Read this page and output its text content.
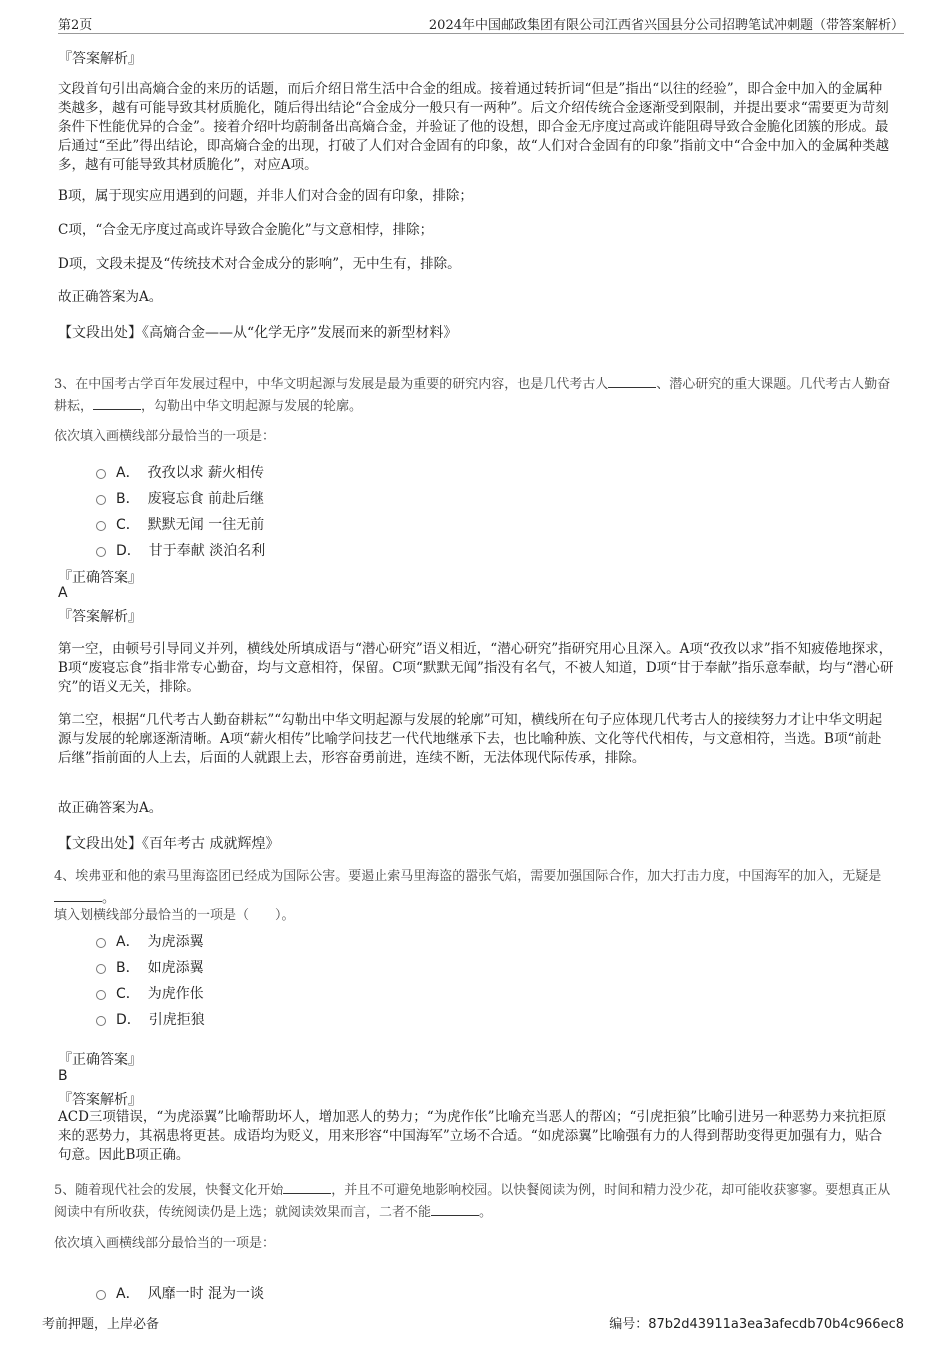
第2页	2024年中国邮政集团有限公司江西省兴国县分公司招聘笔试冲刺题（带答案解析）
『答案解析』
文段首句引出高熵合金的来历的话题，而后介绍日常生活中合金的组成。接着通过转折词“但是”指出“以往的经验”，即合金中加入的金属种类越多，越有可能导致其材质脆化，随后得出结论“合金成分一般只有一两种”。后文介绍传统合金逐渐受到限制，并提出要求“需要更为苛刻条件下性能优异的合金”。接着介绍叶均蔚制备出高熵合金，并验证了他的设想，即合金无序度过高或许能阻碍导致合金脆化团簇的形成。最后通过“至此”得出结论，即高熵合金的出现，打破了人们对合金固有的印象，故“人们对合金固有的印象”指前文中“合金中加入的金属种类越多，越有可能导致其材质脆化”，对应A项。
B项，属于现实应用遇到的问题，并非人们对合金的固有印象，排除；
C项，“合金无序度过高或许导致合金脆化”与文意相悖，排除；
D项，文段未提及“传统技术对合金成分的影响”，无中生有，排除。
故正确答案为A。
【文段出处】《高熵合金——从“化学无序”发展而来的新型材料》
3、在中国考古学百年发展过程中，中华文明起源与发展是最为重要的研究内容，也是几代考古人	、潜心研究的重大课题。几代考古人勤奋耕耘，	，勾勒出中华文明起源与发展的轮廓。
依次填入画横线部分最恰当的一项是：
A． 孜孜以求 薪火相传
B． 废寝忘食 前赴后继
C． 默默无闻 一往无前
D． 甘于奉献 淡泊名利
『正确答案』
A
『答案解析』
第一空，由顿号引导同义并列，横线处所填成语与“潜心研究”语义相近，“潜心研究”指研究用心且深入。A项“孜孜以求”指不知疲倦地探求，B项“废寝忘食”指非常专心勤奋，均与文意相符，保留。C项“默默无闻”指没有名气，不被人知道，D项“甘于奉献”指乐意奉献，均与“潜心研究”的语义无关，排除。
第二空，根据“几代考古人勤奋耕耘”“勾勒出中华文明起源与发展的轮廓”可知，横线所在句子应体现几代考古人的接续努力才让中华文明起源与发展的轮廓逐渐清晰。A项“薪火相传”比喻学问技艺一代代地继承下去，也比喻种族、文化等代代相传，与文意相符，当选。B项“前赴后继”指前面的人上去，后面的人就跟上去，形容奋勇前进，连续不断，无法体现代际传承，排除。
故正确答案为A。
【文段出处】《百年考古 成就辉煌》
4、埃弗亚和他的索马里海盗团已经成为国际公害。要遏止索马里海盗的嚣张气焰，需要加强国际合作，加大打击力度，中国海军的加入，无疑是。
填入划横线部分最恰当的一项是（　　）。
A． 为虎添翼
B． 如虎添翼
C． 为虎作伥
D． 引虎拒狼
『正确答案』
B
『答案解析』
ACD三项错误，“为虎添翼”比喻帮助坏人，增加恶人的势力；“为虎作伥”比喻充当恶人的帮凶；“引虎拒狼”比喻引进另一种恶势力来抗拒原来的恶势力，其祸患将更甚。成语均为贬义，用来形容“中国海军”立场不合适。“如虎添翼”比喻强有力的人得到帮助变得更加强有力，贴合句意。因此B项正确。
5、随着现代社会的发展，快餐文化开始	，并且不可避免地影响校园。以快餐阅读为例，时间和精力没少花，却可能收获寥寥。要想真正从阅读中有所收获，传统阅读仍是上选；就阅读效果而言，二者不能	。
依次填入画横线部分最恰当的一项是：
A． 风靡一时 混为一谈
考前押题，上岸必备	编号：87b2d43911a3ea3afecdb70b4c966ec8
